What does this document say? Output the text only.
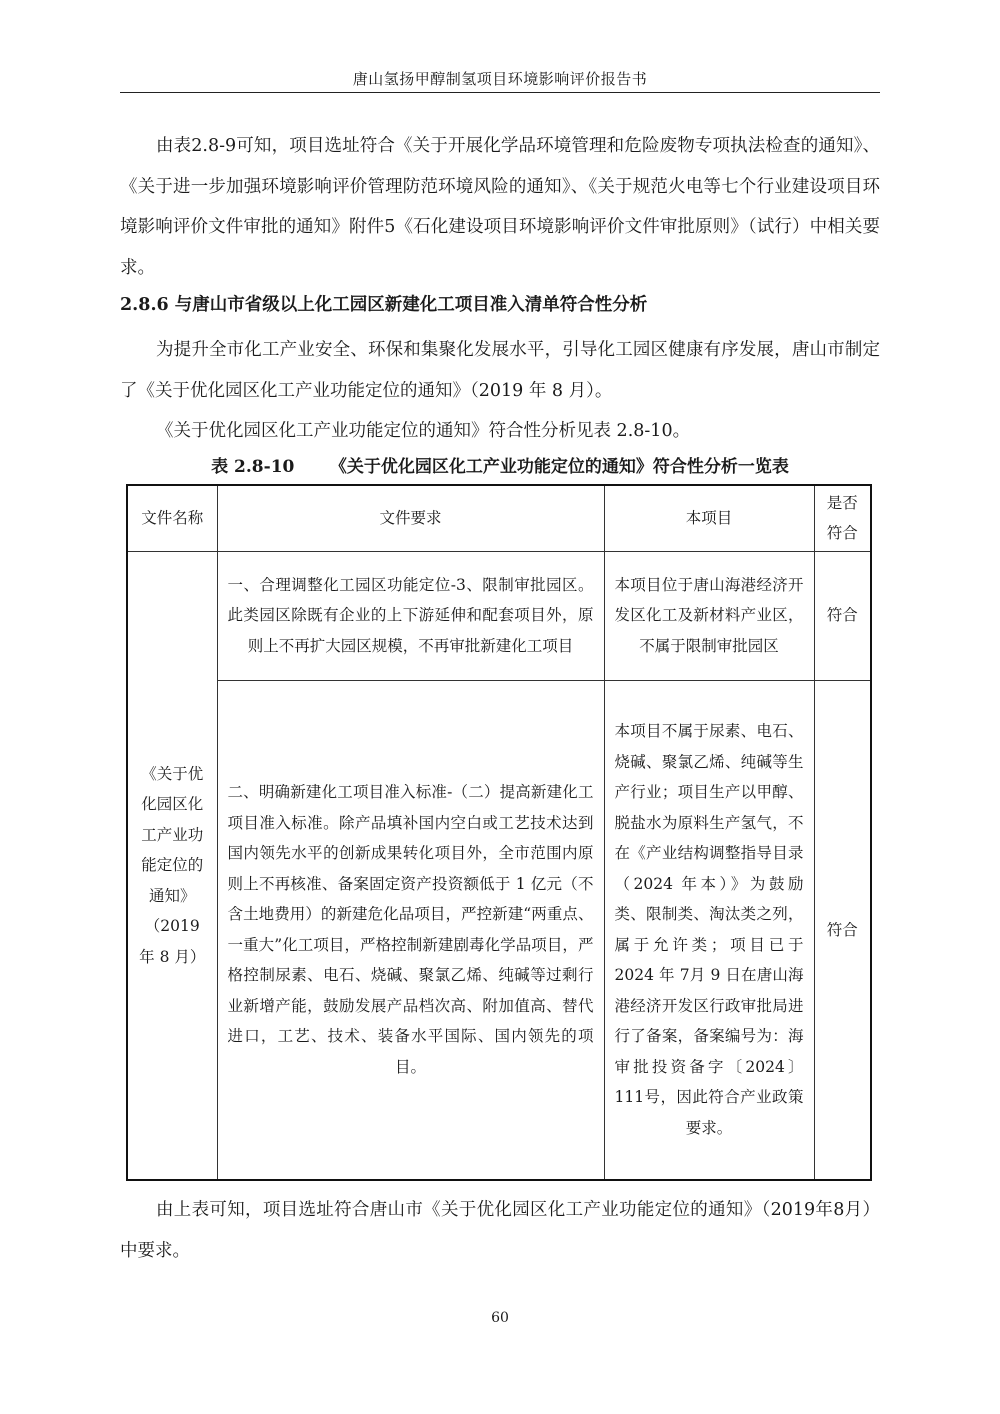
唐山氢扬甲醇制氢项目环境影响评价报告书

由表2.8-9可知，项目选址符合《关于开展化学品环境管理和危险废物专项执法检查的通知》、《关于进一步加强环境影响评价管理防范环境风险的通知》、《关于规范火电等七个行业建设项目环境影响评价文件审批的通知》附件5《石化建设项目环境影响评价文件审批原则》（试行）中相关要求。

2.8.6 与唐山市省级以上化工园区新建化工项目准入清单符合性分析

为提升全市化工产业安全、环保和集聚化发展水平，引导化工园区健康有序发展，唐山市制定了《关于优化园区化工产业功能定位的通知》（2019 年 8 月）。

《关于优化园区化工产业功能定位的通知》符合性分析见表 2.8-10。

表 2.8-10      《关于优化园区化工产业功能定位的通知》符合性分析一览表
文件名称	文件要求	本项目	是否符合
《关于优化园区化工产业功能定位的通知》（2019年 8 月）	一、合理调整化工园区功能定位-3、限制审批园区。此类园区除既有企业的上下游延伸和配套项目外，原则上不再扩大园区规模，不再审批新建化工项目	本项目位于唐山海港经济开发区化工及新材料产业区，不属于限制审批园区	符合
	二、明确新建化工项目准入标准-（二）提高新建化工项目准入标准。除产品填补国内空白或工艺技术达到国内领先水平的创新成果转化项目外，全市范围内原则上不再核准、备案固定资产投资额低于 1 亿元（不含土地费用）的新建危化品项目，严控新建“两重点、一重大”化工项目，严格控制新建剧毒化学品项目，严格控制尿素、电石、烧碱、聚氯乙烯、纯碱等过剩行业新增产能，鼓励发展产品档次高、附加值高、替代进口，工艺、技术、装备水平国际、国内领先的项目。	本项目不属于尿素、电石、烧碱、聚氯乙烯、纯碱等生产行业；项目生产以甲醇、脱盐水为原料生产氢气，不在《产业结构调整指导目录（2024 年本）》为鼓励类、限制类、淘汰类之列，属于允许类；项目已于 2024 年 7月 9 日在唐山海港经济开发区行政审批局进行了备案，备案编号为：海审批投资备字〔2024〕111号，因此符合产业政策要求。	符合

由上表可知，项目选址符合唐山市《关于优化园区化工产业功能定位的通知》（2019年8月）中要求。

60
